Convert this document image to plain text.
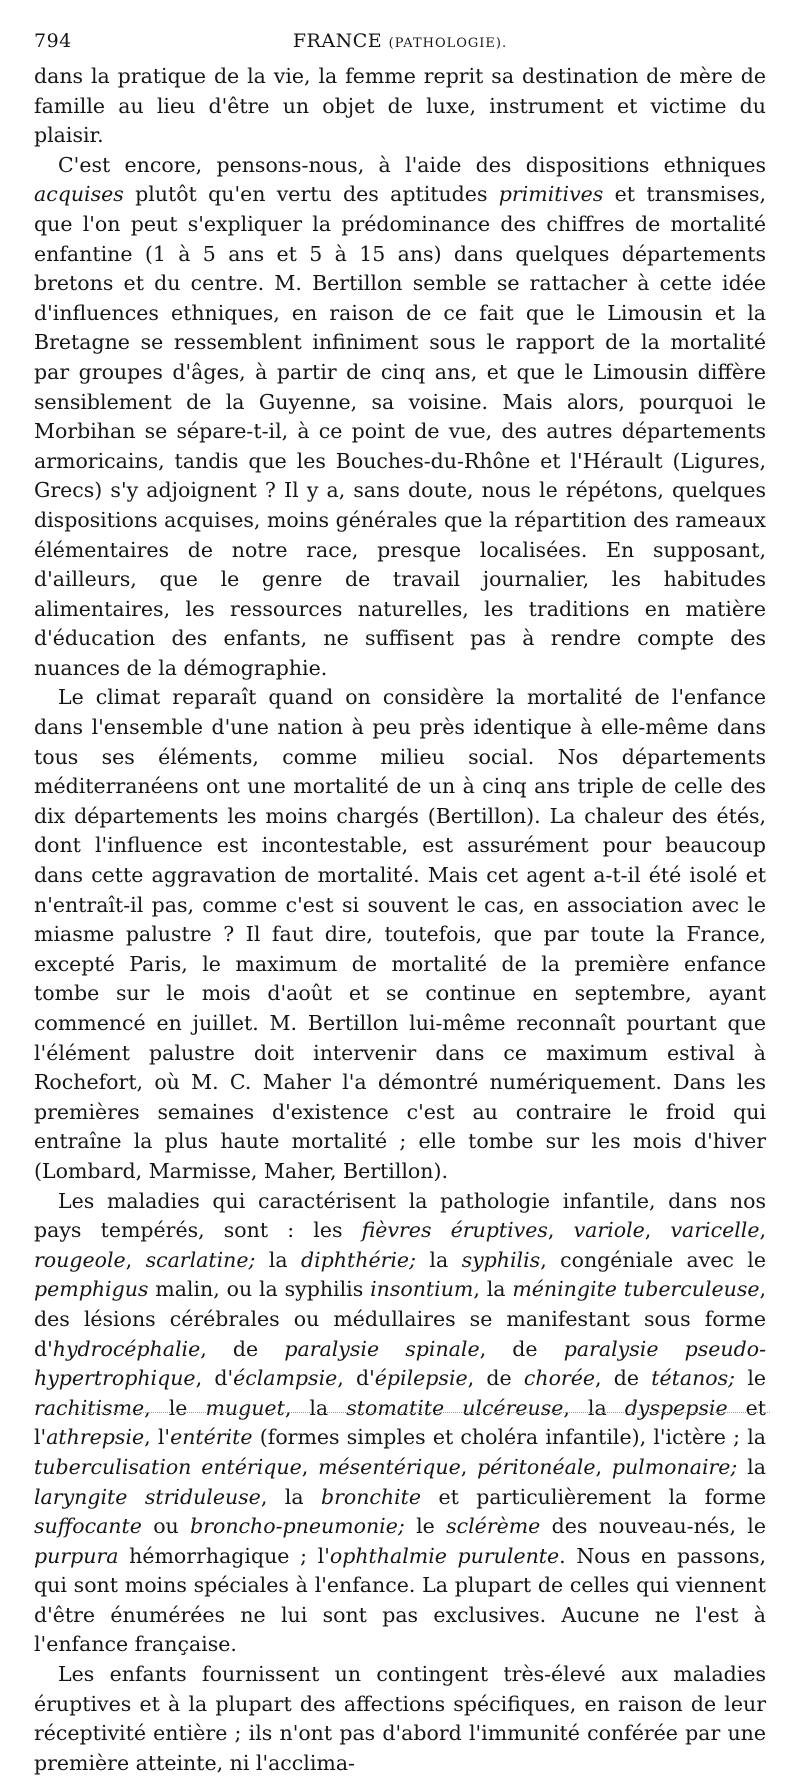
794	FRANCE (PATHOLOGIE).

dans la pratique de la vie, la femme reprit sa destination de mère de famille au lieu d'être un objet de luxe, instrument et victime du plaisir.

C'est encore, pensons-nous, à l'aide des dispositions ethniques acquises plutôt qu'en vertu des aptitudes primitives et transmises, que l'on peut s'expliquer la prédominance des chiffres de mortalité enfantine (1 à 5 ans et 5 à 15 ans) dans quelques départements bretons et du centre. M. Bertillon semble se rattacher à cette idée d'influences ethniques, en raison de ce fait que le Limousin et la Bretagne se ressemblent infiniment sous le rapport de la mortalité par groupes d'âges, à partir de cinq ans, et que le Limousin diffère sensiblement de la Guyenne, sa voisine. Mais alors, pourquoi le Morbihan se sépare-t-il, à ce point de vue, des autres départements armoricains, tandis que les Bouches-du-Rhône et l'Hérault (Ligures, Grecs) s'y adjoignent ? Il y a, sans doute, nous le répétons, quelques dispositions acquises, moins générales que la répartition des rameaux élémentaires de notre race, presque localisées. En supposant, d'ailleurs, que le genre de travail journalier, les habitudes alimentaires, les ressources naturelles, les traditions en matière d'éducation des enfants, ne suffisent pas à rendre compte des nuances de la démographie.

Le climat reparaît quand on considère la mortalité de l'enfance dans l'ensemble d'une nation à peu près identique à elle-même dans tous ses éléments, comme milieu social. Nos départements méditerranéens ont une mortalité de un à cinq ans triple de celle des dix départements les moins chargés (Bertillon). La chaleur des étés, dont l'influence est incontestable, est assurément pour beaucoup dans cette aggravation de mortalité. Mais cet agent a-t-il été isolé et n'entraît-il pas, comme c'est si souvent le cas, en association avec le miasme palustre ? Il faut dire, toutefois, que par toute la France, excepté Paris, le maximum de mortalité de la première enfance tombe sur le mois d'août et se continue en septembre, ayant commencé en juillet. M. Bertillon lui-même reconnaît pourtant que l'élément palustre doit intervenir dans ce maximum estival à Rochefort, où M. C. Maher l'a démontré numériquement. Dans les premières semaines d'existence c'est au contraire le froid qui entraîne la plus haute mortalité ; elle tombe sur les mois d'hiver (Lombard, Marmisse, Maher, Bertillon).

Les maladies qui caractérisent la pathologie infantile, dans nos pays tempérés, sont : les fièvres éruptives, variole, varicelle, rougeole, scarlatine; la diphthérie; la syphilis, congéniale avec le pemphigus malin, ou la syphilis insontium, la méningite tuberculeuse, des lésions cérébrales ou médullaires se manifestant sous forme d'hydrocéphalie, de paralysie spinale, de paralysie pseudo-hypertrophique, d'éclampsie, d'épilepsie, de chorée, de tétanos; le rachitisme, le muguet, la stomatite ulcéreuse, la dyspepsie et l'athrepsie, l'entérite (formes simples et choléra infantile), l'ictère ; la tuberculisation entérique, mésentérique, péritonéale, pulmonaire; la laryngite striduleuse, la bronchite et particulièrement la forme suffocante ou broncho-pneumonie; le sclérème des nouveau-nés, le purpura hémorrhagique ; l'ophthalmie purulente. Nous en passons, qui sont moins spéciales à l'enfance. La plupart de celles qui viennent d'être énumérées ne lui sont pas exclusives. Aucune ne l'est à l'enfance française.

Les enfants fournissent un contingent très-élevé aux maladies éruptives et à la plupart des affections spécifiques, en raison de leur réceptivité entière ; ils n'ont pas d'abord l'immunité conférée par une première atteinte, ni l'acclima-
